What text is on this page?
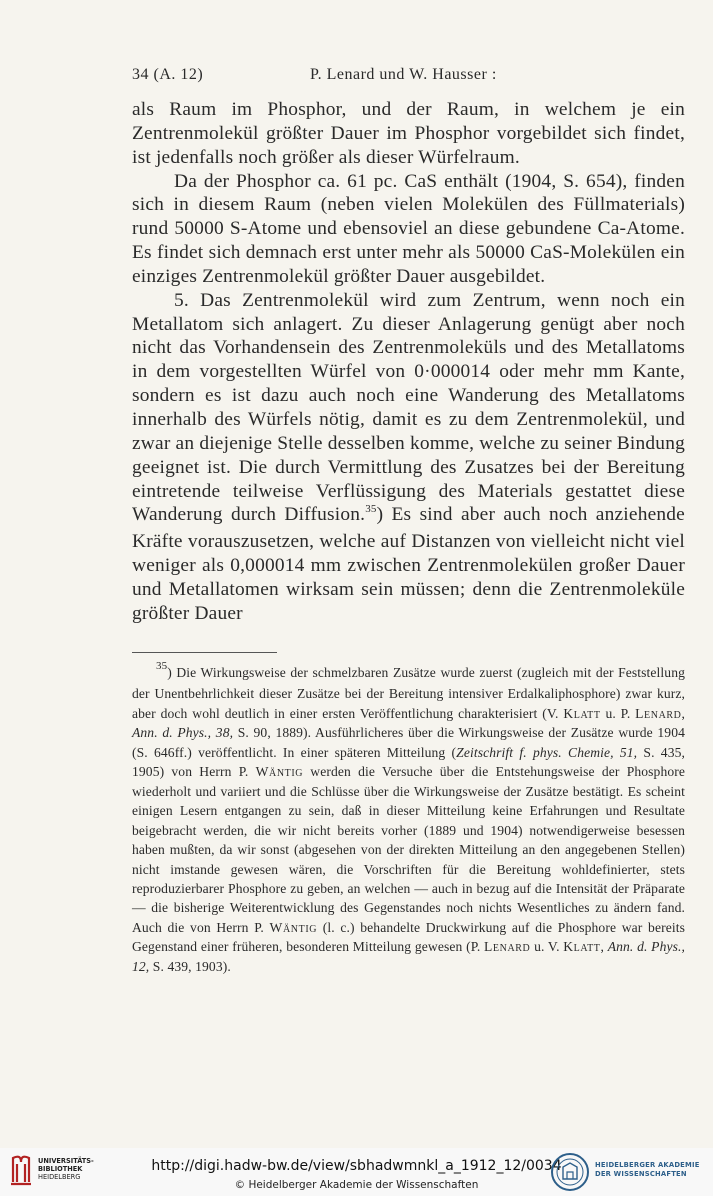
34 (A. 12)	P. Lenard und W. Hausser :

als Raum im Phosphor, und der Raum, in welchem je ein Zentrenmolekül größter Dauer im Phosphor vorgebildet sich findet, ist jedenfalls noch größer als dieser Würfelraum.

Da der Phosphor ca. 61 pc. CaS enthält (1904, S. 654), finden sich in diesem Raum (neben vielen Molekülen des Füllmaterials) rund 50000 S-Atome und ebensoviel an diese gebundene Ca-Atome. Es findet sich demnach erst unter mehr als 50000 CaS-Molekülen ein einziges Zentrenmolekül größter Dauer ausgebildet.

5. Das Zentrenmolekül wird zum Zentrum, wenn noch ein Metallatom sich anlagert. Zu dieser Anlagerung genügt aber noch nicht das Vorhandensein des Zentrenmoleküls und des Metallatoms in dem vorgestellten Würfel von 0·000014 oder mehr mm Kante, sondern es ist dazu auch noch eine Wanderung des Metallatoms innerhalb des Würfels nötig, damit es zu dem Zentrenmolekül, und zwar an diejenige Stelle desselben komme, welche zu seiner Bindung geeignet ist. Die durch Vermittlung des Zusatzes bei der Bereitung eintretende teilweise Verflüssigung des Materials gestattet diese Wanderung durch Diffusion.$^{35}$) Es sind aber auch noch anziehende Kräfte vorauszusetzen, welche auf Distanzen von vielleicht nicht viel weniger als 0,000014 mm zwischen Zentrenmolekülen großer Dauer und Metallatomen wirksam sein müssen; denn die Zentrenmoleküle größter Dauer

$^{35}$) Die Wirkungsweise der schmelzbaren Zusätze wurde zuerst (zugleich mit der Feststellung der Unentbehrlichkeit dieser Zusätze bei der Bereitung intensiver Erdalkaliphosphore) zwar kurz, aber doch wohl deutlich in einer ersten Veröffentlichung charakterisiert (V. Klatt u. P. Lenard, Ann. d. Phys., 38, S. 90, 1889). Ausführlicheres über die Wirkungsweise der Zusätze wurde 1904 (S. 646ff.) veröffentlicht. In einer späteren Mitteilung (Zeitschrift f. phys. Chemie, 51, S. 435, 1905) von Herrn P. Wäntig werden die Versuche über die Entstehungsweise der Phosphore wiederholt und variiert und die Schlüsse über die Wirkungsweise der Zusätze bestätigt. Es scheint einigen Lesern entgangen zu sein, daß in dieser Mitteilung keine Erfahrungen und Resultate beigebracht werden, die wir nicht bereits vorher (1889 und 1904) notwendigerweise besessen haben mußten, da wir sonst (abgesehen von der direkten Mitteilung an den angegebenen Stellen) nicht imstande gewesen wären, die Vorschriften für die Bereitung wohldefinierter, stets reproduzierbarer Phosphore zu geben, an welchen — auch in bezug auf die Intensität der Präparate — die bisherige Weiterentwicklung des Gegenstandes noch nichts Wesentliches zu ändern fand. Auch die von Herrn P. Wäntig (l. c.) behandelte Druckwirkung auf die Phosphore war bereits Gegenstand einer früheren, besonderen Mitteilung gewesen (P. Lenard u. V. Klatt, Ann. d. Phys., 12, S. 439, 1903).

UNIVERSITÄTS-
BIBLIOTHEK
HEIDELBERG
http://digi.hadw-bw.de/view/sbhadwmnkl_a_1912_12/0034
© Heidelberger Akademie der Wissenschaften
HEIDELBERGER AKADEMIE
DER WISSENSCHAFTEN
